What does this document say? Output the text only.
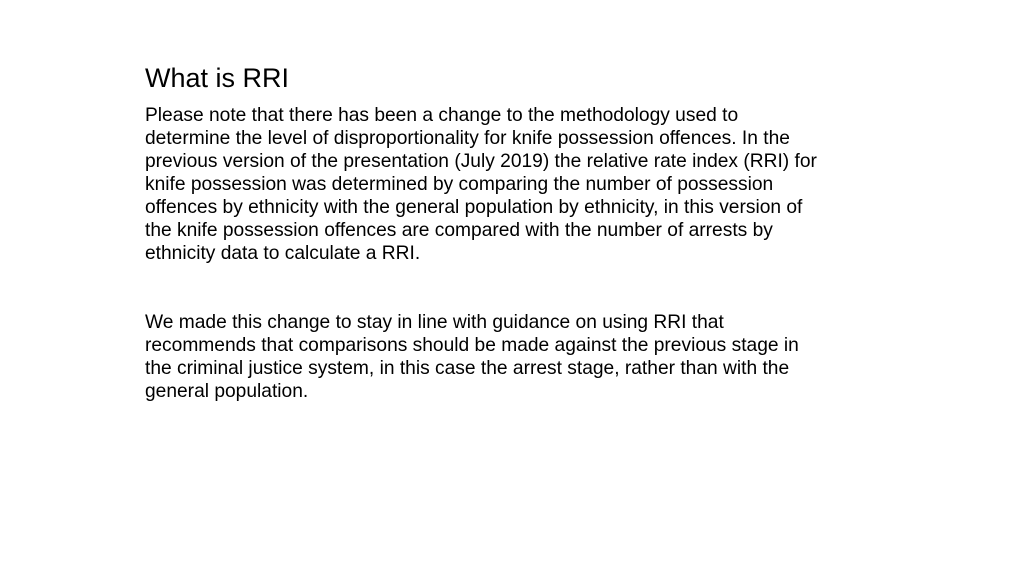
What is RRI

Please note that there has been a change to the methodology used to

determine the level of disproportionality for knife possession offences. In the

previous version of the presentation (July 2019) the relative rate index (RRI) for

knife possession was determined by comparing the number of possession

offences by ethnicity with the general population by ethnicity, in this version of

the knife possession offences are compared with the number of arrests by

ethnicity data to calculate a RRI.

We made this change to stay in line with guidance on using RRI that

recommends that comparisons should be made against the previous stage in

the criminal justice system, in this case the arrest stage, rather than with the

general population.
